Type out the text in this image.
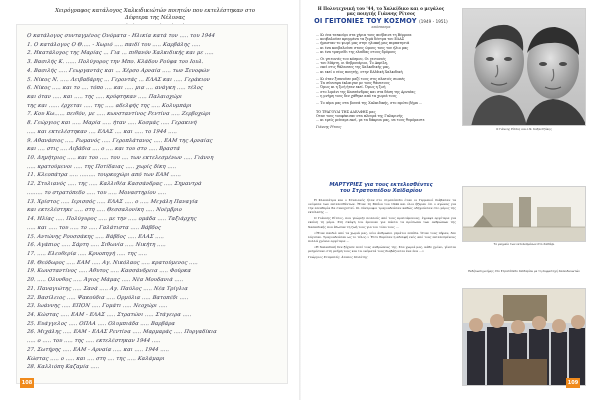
Χειρόγραφος κατάλογος Χαλκιδικιώτών ποιητών που εκτελέστηκαν στο Δέφτερα της Νέλυνας
Ο κατάλογος συνταγμένος Ονόματα - Ηλικία κατά τον ..... του 1944
1. Ο κατάλογος Ο Θ..... - Χωριό ..... παιδί του ..... Καρβάλης .....
2. Ηκατάλογος της Μαρίας ... Για ... πιθανόν Χαλκιδικής και με .....
3. Βασιλής Κ. ...... Πολύγυρος την Μπο. Κλάδου Ρούφα του Ιουλ.
4. Βασιλής ..... Γεωργαντάς και ... Χέρσο Αρναία ..... των Ξενοφών
5. Νίκος Ν. ..... Λειβαδάρης ... Γεροντάς ... ΕΛΑΣ και ..... Γεράκιον
6. Νίκος ..... και το .... τόπο .... και ..... μια .... ανάγκη ..... τέλος
και όταν ..... και ..... της ..... κρύφτηκαν ..... Παλαιοχώρι
της και ...... έρχεται ..... της ..... αδελφής της ..... Κολυμπάρι
7. Κου Κω...... πειθόν, με ..... κωνσταντίνος Ρεντίνα ..... Ζερβοχώρι
8. Γεώργιος και ..... Μαρία ..... ήταν ..... Κοσμάς ..... Γερακινή
..... και εκτελέστηκαν .... ΕΛΑΣ .... και ..... το 1944 .....
9. Αθανάσιος ..... Ρωμανός ..... Γεροπλάτανος ..... ΕΑΜ της Αρναίας
και .... στις .... Λιβάδια .... ο .... και του στο ..... Βραστά
10. Δημήτριος ..... και του ..... του .... των εκτελεσμένων ..... Γιάννη
..... κρατούμενοι ..... της Ποτίδαιας ..... χωρίς δίκη .....
11. Κλεοπάτρα ..... ......... τουρκοχώρι από των ΕΑΜ ......
12. Στυλιανός ..... της ..... Καλλιθέα Κασσάνδρας ..... Σημαντρά
......... το στρατόπεδο ..... του ..... Μοναστηρίου .....
13. Χρίστος ..... Ιερισσός ..... ΕΛΑΣ ..... ο ..... Μεγάλη Παναγία
και εκτελέστηκε ..... στη ..... Θεσσαλονίκη ..... Νοέμβριο
14. Ηλίας ..... Πολύγυρος ..... με την ..... ομάδα ..... Ταξιάρχης
..... και ..... του ..... το ..... Γαλάτιστα ..... Βάβδος
15. Αντώνης Ρουσσάκης ..... Βάβδος ..... ΕΛΑΣ .....
16. Αγάπιος ..... Σάρτη ..... Σιθωνία ..... Νικήτη .....
17. ..... Ελευθερία ..... Κρυοπηγή ..... της .....
18. Θεόδωρος ..... ΕΑΜ ..... Αγ. Νικόλαος ..... κρατούμενος .....
19. Κωνσταντίνος ..... Άθυτος ..... Κασσάνδρεια ..... Φούρκα
20. ..... Ολυνθος ..... Άγιος Μάμας ..... Νέα Μουδανιά .....
21. Παναγιώτης ..... Σανά ..... Αγ. Παύλος ..... Νέα Τρίγλια
22. Βασίλειος ..... Ψακούδια ..... Ορμύλια ..... Βατοπέδι .....
23. Ιωάννης ..... ΕΠΟΝ ..... Γομάτι ..... Νεοχώρι .....
24. Κώστας ..... ΕΑΜ - ΕΛΑΣ ..... Στρατώνι ..... Στάγειρα .....
25. Ευάγγελος ..... ΟΠΛΑ ..... Ολυμπιάδα ..... Βαρβάρα
26. Μιχάλης ..... ΕΑΜ - ΕΛΑΣ Ρεντίνα ..... Μαρμαράς ..... Πυργαδίκια
..... ο ..... του ..... της ..... εκτελέστηκαν 1944 .....
27. Σωτήρης ..... ΕΑΜ - Αρναία ..... και ..... 1944 .....
Κώστας ..... ο ..... και .... στη .... της ..... Καλάμαρι
28. Καλλιόπη Καζαμία .....
108
Η Πολυτεχνική του '44, το Χαλκίδικο και ο μεγάλος
μας ποιητής Γιάννης Ρίτσος
ΟΙ ΓΕΙΤΟΝΙΕΣ ΤΟΥ ΚΟΣΜΟΥ (1949 - 1951)
απόσπασμα
... Κι ένα τσεκούρι στα χέρια τους ανέβαινε τη Βέρροια
... κουβαλούσε κρυμμένα τα ξερά δέντρα του ΕΛΑΣ
... ήμασταν το ψωμί μας στην ηλιακή μας περπατησιά
... κι ένα κουβαλούσε στους ώμους τους τον ήλιο μας
... κι ένα τραγούδι της ελπίδας στους δρόμους
... Οι γειτονιές του κόσμου, Οι γειτονιές
... του Μάρτη, οι Φεβρουάριοι, Το Απρίλη,
... εκεί στις θάλασσες της Χαλκιδικής μας,
... κι εκεί ο νέος ποιητής, στην ΕΑΜική Χαλκιδική
... Κι όταν ξυπνούσε μαζί τους στις πλατιές σιωπές
... Τα σύννεφα έκλαιγαν με τους θάνατους
... Όμως κι η ζωή ήταν εκεί. Όμως η ζωή
... στο λιμάνι της Κασσάνδρας και στα δάση της Αρναίας
... η μνήμη τους δεν χάθηκε από τα χωριά τους
... Το αίμα μας στα βουνά της Χαλκιδικής, στο πρώτο βήμα ...
ΤΟ ΤΡΑΓΟΥΔΙ ΤΗΣ ΑΔΕΛΦΗΣ μας
Οταν τους τουφέκισαν στα πλευρά της Γαλαρινής
... κι εμείς μείναμε εκεί, με τα δάκρυα μας, να τους θυμόμαστε
Γιάννης Ρίτσος	Ο Γιάννης Ρίτσος και ο Ν. Καζαντζάκης
ΜΑΡΤΥΡΙΕΣ για τους εκτελεσθέντες
του Στρατοπέδου Χαϊδαρίου

Η Κλεοπάτρα και ο Στυλιανός ήταν στο στρατόπεδο όταν οι Γερμανοί διάβασαν τα ονόματα των εκτελεσθέντων. Ήταν 1η Μαΐου του 1944 και όλοι ήξεραν ότι ο αγώνας για την ελευθερία θα συνεχιστεί. Οι σύντροφοι τραγουδούσαν καθώς οδηγούνταν στο μέρος της εκτέλεσης ...

Ο Γιάννης Ρίτσος, που γνώριζε πολλούς από τους κρατούμενους, έγραψε αργότερα για εκείνη τη μέρα. Στη σκέψη του έμειναν για πάντα τα πρόσωπα των ανθρώπων της Χαλκιδικής που έδωσαν τη ζωή τους για τον τόπο τους ...

«Ήταν παιδιά από τα χωριά μας, νέοι άνθρωποι γεμάτοι ελπίδα. Όταν τους πήραν, δεν λύγισαν. Τραγουδούσαν ως το τέλος.» Έτσι θυμόταν η αδελφή ενός από τους εκτελεσμένους πολλά χρόνια αργότερα ...

«Η Χαλκιδική δεν ξέχασε ποτέ τους ανθρώπους της. Στα χωριά μας, κάθε χρόνο, γίνεται μνημόσυνο στη μνήμη τους και τα ονόματά τους διαβάζονται ένα ένα ...»

Γεώργιος Σταματάς, Άτυπος Πολύτης

Το μνημείο των εκτελεσμένων στο Χαϊδάρι
Εκδήλωση μνήμης στο Στρατόπεδο Χαϊδαρίου με τη συμμετοχή Χαλκιδικιωτών
109
